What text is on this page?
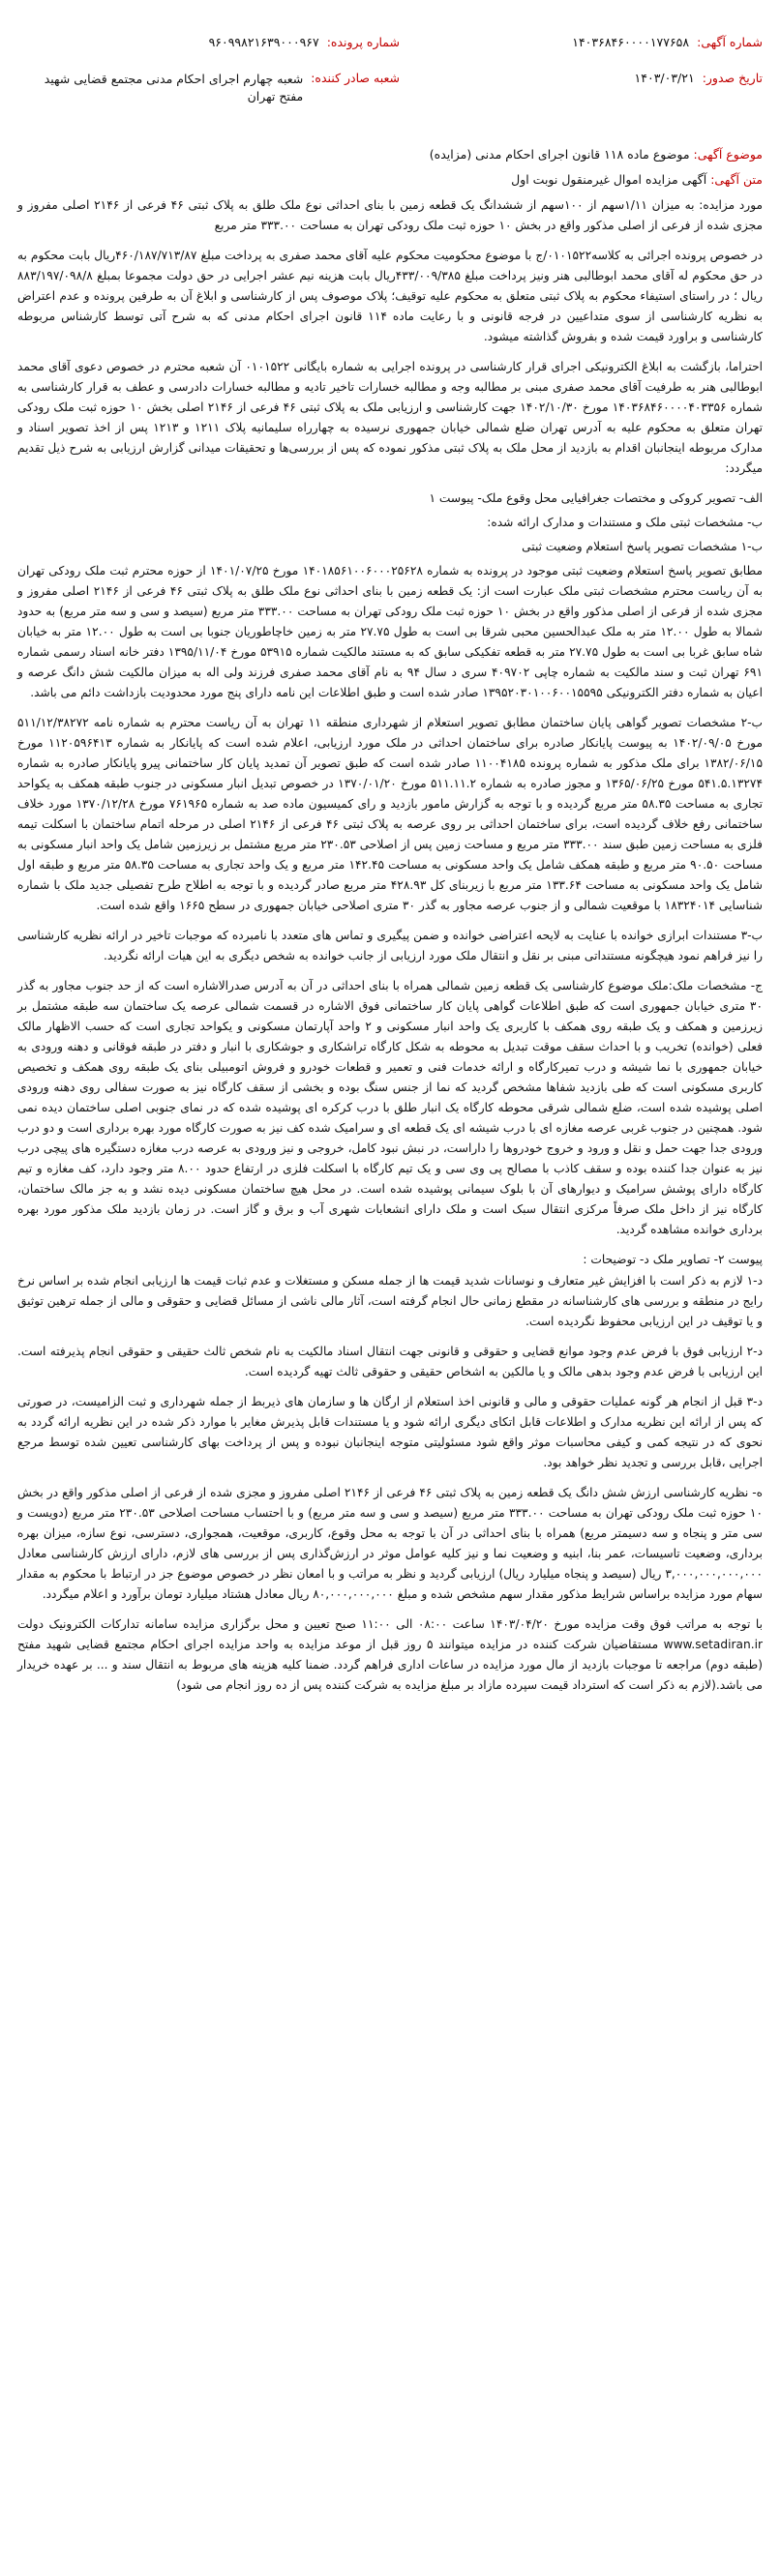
شماره آگهی:
۱۴۰۳۶۸۴۶۰۰۰۰۱۷۷۶۵۸
تاریخ صدور:
۱۴۰۳/۰۳/۲۱
شماره پرونده:
۹۶۰۹۹۸۲۱۶۳۹۰۰۰۹۶۷
شعبه صادر کننده:
شعبه چهارم اجرای احکام مدنی مجتمع قضایی شهید مفتح تهران
موضوع آگهی: موضوع ماده ۱۱۸ قانون اجرای احکام مدنی (مزایده)
متن آگهی: آگهی مزایده اموال غیرمنقول نوبت اول

مورد مزایده: به میزان ۱/۱۱سهم از ۱۰۰سهم از ششدانگ یک قطعه زمین با بنای احداثی نوع ملک طلق به پلاک ثبتی ۴۶ فرعی از ۲۱۴۶ اصلی مفروز و مجزی شده از فرعی از اصلی مذکور واقع در بخش ۱۰ حوزه ثبت ملک رودکی تهران به مساحت ۳۳۳.۰۰ متر مربع

در خصوص پرونده اجرائی به کلاسه۰۱۰۱۵۲۲/ج با موضوع محکومیت محکوم علیه آقای محمد صفری به پرداخت مبلغ ۴۶۰/۱۸۷/۷۱۳/۸۷ریال بابت محکوم به در حق محکوم له آقای محمد ابوطالبی هنر ونیز پرداخت مبلغ ۴۳۳/۰۰۹/۳۸۵ریال بابت هزینه نیم عشر اجرایی در حق دولت مجموعا بمبلغ ۸۸۳/۱۹۷/۰۹۸/۸ ریال ؛ در راستای استیفاء محکوم به پلاک ثبتی متعلق به محکوم علیه توقیف؛ پلاک موصوف پس از کارشناسی و ابلاغ آن به طرفین پرونده و عدم اعتراض به نظریه کارشناسی از سوی متداعیین در فرجه قانونی و با رعایت ماده ۱۱۴ قانون اجرای احکام مدنی که به شرح آتی توسط کارشناس مربوطه کارشناسی و براورد قیمت شده و بفروش گذاشته میشود.

احتراما، بازگشت به ابلاغ الکترونیکی اجرای قرار کارشناسی در پرونده اجرایی به شماره بایگانی ۰۱۰۱۵۲۲ آن شعبه محترم در خصوص دعوی آقای محمد ابوطالبی هنر به طرفیت آقای محمد صفری مبنی بر مطالبه وجه و مطالبه خسارات تاخیر تادیه و مطالبه خسارات دادرسی و عطف به قرار کارشناسی به شماره ۱۴۰۳۶۸۴۶۰۰۰۰۴۰۳۳۵۶ مورخ ۱۴۰۲/۱۰/۳۰ جهت کارشناسی و ارزیابی ملک به پلاک ثبتی ۴۶ فرعی از ۲۱۴۶ اصلی بخش ۱۰ حوزه ثبت ملک رودکی تهران متعلق به محکوم علیه به آدرس تهران ضلع شمالی خیابان جمهوری نرسیده به چهارراه سلیمانیه پلاک ۱۲۱۱ و ۱۲۱۳ پس از اخذ تصویر اسناد و مدارک مربوطه اینجانبان اقدام به بازدید از محل ملک به پلاک ثبتی مذکور نموده که پس از بررسی‌ها و تحقیقات میدانی گزارش ارزیابی به شرح ذیل تقدیم میگردد:

الف- تصویر کروکی و مختصات جغرافیایی محل وقوع ملک- پیوست ۱
ب- مشخصات ثبتی ملک و مستندات و مدارک ارائه شده:
ب-۱ مشخصات تصویر پاسخ استعلام وضعیت ثبتی

مطابق تصویر پاسخ استعلام وضعیت ثبتی موجود در پرونده به شماره ۱۴۰۱۸۵۶۱۰۰۶۰۰۰۲۵۶۲۸ مورخ ۱۴۰۱/۰۷/۲۵ از حوزه محترم ثبت ملک رودکی تهران به آن ریاست محترم مشخصات ثبتی ملک عبارت است از: یک قطعه زمین با بنای احداثی نوع ملک طلق به پلاک ثبتی ۴۶ فرعی از ۲۱۴۶ اصلی مفروز و مجزی شده از فرعی از اصلی مذکور واقع در بخش ۱۰ حوزه ثبت ملک رودکی تهران به مساحت ۳۳۳.۰۰ متر مربع (سیصد و سی و سه متر مربع) به حدود شمالا به طول ۱۲.۰۰ متر به ملک عبدالحسین محبی شرقا بی است به طول ۲۷.۷۵ متر به زمین خاچاطوریان جنوبا بی است به طول ۱۲.۰۰ متر به خیابان شاه سابق غربا بی است به طول ۲۷.۷۵ متر به قطعه تفکیکی سابق که به مستند مالکیت شماره ۵۳۹۱۵ مورخ ۱۳۹۵/۱۱/۰۴ دفتر خانه اسناد رسمی شماره ۶۹۱ تهران ثبت و سند مالکیت به شماره چاپی ۴۰۹۷۰۲ سری د سال ۹۴ به نام آقای محمد صفری فرزند ولی اله به میزان مالکیت شش دانگ عرصه و اعیان به شماره دفتر الکترونیکی ۱۳۹۵۲۰۳۰۱۰۰۶۰۰۱۵۵۹۵ صادر شده است و طبق اطلاعات این نامه دارای پنج مورد محدودیت بازداشت دائم می باشد.

ب-۲ مشخصات تصویر گواهی پایان ساختمان مطابق تصویر استعلام از شهرداری منطقه ۱۱ تهران به آن ریاست محترم به شماره نامه ۵۱۱/۱۲/۳۸۲۷۲ مورخ ۱۴۰۲/۰۹/۰۵ به پیوست پایانکار صادره برای ساختمان احداثی در ملک مورد ارزیابی، اعلام شده است که پایانکار به شماره ۱۱۲۰۵۹۶۴۱۳ مورخ ۱۳۸۲/۰۶/۱۵ برای ملک مذکور به شماره پرونده ۱۱۰۰۴۱۸۵ صادر شده است که طبق تصویر آن تمدید پایان کار ساختمانی پیرو پایانکار صادره به شماره ۵۴۱.۵.۱۳۲۷۴ مورخ ۱۳۶۵/۰۶/۲۵ و مجوز صادره به شماره ۵۱۱.۱۱.۲ مورخ ۱۳۷۰/۰۱/۲۰ در خصوص تبدیل انبار مسکونی در جنوب طبقه همکف به یکواحد تجاری به مساحت ۵۸.۳۵ متر مربع گردیده و با توجه به گزارش مامور بازدید و رای کمیسیون ماده صد به شماره ۷۶۱۹۶۵ مورخ ۱۳۷۰/۱۲/۲۸ مورد خلاف ساختمانی رفع خلاف گردیده است، برای ساختمان احداثی بر روی عرصه به پلاک ثبتی ۴۶ فرعی از ۲۱۴۶ اصلی در مرحله اتمام ساختمان با اسکلت تیمه فلزی به مساحت زمین طبق سند ۳۳۳.۰۰ متر مربع و مساحت زمین پس از اصلاحی ۲۳۰.۵۳ متر مربع مشتمل بر زیرزمین شامل یک واحد انبار مسکونی به مساحت ۹۰.۵۰ متر مربع و طبقه همکف شامل یک واحد مسکونی به مساحت ۱۴۲.۴۵ متر مربع و یک واحد تجاری به مساحت ۵۸.۳۵ متر مربع و طبقه اول شامل یک واحد مسکونی به مساحت ۱۳۳.۶۴ متر مربع با زیربنای کل ۴۲۸.۹۳ متر مربع صادر گردیده و با توجه به اطلاح طرح تفصیلی جدید ملک با شماره شناسایی ۱۸۳۲۴۰۱۴ با موقعیت شمالی و از جنوب عرصه مجاور به گذر ۳۰ متری اصلاحی خیابان جمهوری در سطح ۱۶۶۵ واقع شده است.

ب-۳ مستندات ابرازی خوانده با عنایت به لایحه اعتراضی خوانده و ضمن پیگیری و تماس های متعدد با نامبرده که موجبات تاخیر در ارائه نظریه کارشناسی را نیز فراهم نمود هیچگونه مستنداتی مبنی بر نقل و انتقال ملک مورد ارزیابی از جانب خوانده به شخص دیگری به این هیات ارائه نگردید.

ج- مشخصات ملک:ملک موضوع کارشناسی یک قطعه زمین شمالی همراه با بنای احداثی در آن به آدرس صدرالاشاره است که از حد جنوب مجاور به گذر ۳۰ متری خیابان جمهوری است که طبق اطلاعات گواهی پایان کار ساختمانی فوق الاشاره در قسمت شمالی عرصه یک ساختمان سه طبقه مشتمل بر زیرزمین و همکف و یک طبقه روی همکف با کاربری یک واحد انبار مسکونی و ۲ واحد آپارتمان مسکونی و یکواحد تجاری است که حسب الاظهار مالک فعلی (خوانده) تخریب و با احداث سقف موقت تبدیل به محوطه به شکل کارگاه تراشکاری و جوشکاری با انبار و دفتر در طبقه فوقانی و دهنه ورودی به خیابان جمهوری با نما شیشه و درب تمیرکارگاه و ارائه خدمات فنی و تعمیر و قطعات خودرو و فروش اتومبیلی بنای یک طبقه روی همکف و تخصیص کاربری مسکونی است که طی بازدید شفاها مشخص گردید که نما از جنس سنگ بوده و بخشی از سقف کارگاه نیز به صورت سفالی روی دهنه ورودی اصلی پوشیده شده است، ضلع شمالی شرقی محوطه کارگاه یک انبار طلق با درب کرکره ای پوشیده شده که در نمای جنوبی اصلی ساختمان دیده نمی شود. همچنین در جنوب غربی عرصه مغازه ای با درب شیشه ای یک قطعه ای و سرامیک شده کف نیز به صورت کارگاه مورد بهره برداری است و دو درب ورودی جدا جهت حمل و نقل و ورود و خروج خودروها را داراست، در نبش نبود کامل، خروجی و نیز ورودی به عرصه درب مغازه دستگیره های پیچی درب نیز به عنوان جدا کننده بوده و سقف کاذب با مصالح پی وی سی و یک تیم کارگاه با اسکلت فلزی در ارتفاع حدود ۸.۰۰ متر وجود دارد، کف مغازه و تیم کارگاه دارای پوشش سرامیک و دیوارهای آن با بلوک سیمانی پوشیده شده است. در محل هیچ ساختمان مسکونی دیده نشد و به جز مالک ساختمان، کارگاه نیز از داخل ملک صرفاً مرکزی انتقال سبک است و ملک دارای انشعابات شهری آب و برق و گاز است. در زمان بازدید ملک مذکور مورد بهره برداری خوانده مشاهده گردید.

پیوست ۲- تصاویر ملک د- توضیحات :

د-۱ لازم به ذکر است با افزایش غیر متعارف و نوسانات شدید قیمت ها از جمله مسکن و مستغلات و عدم ثبات قیمت ها ارزیابی انجام شده بر اساس نرخ رایج در منطقه و بررسی های کارشناسانه در مقطع زمانی حال انجام گرفته است، آثار مالی ناشی از مسائل قضایی و حقوقی و مالی از جمله ترهین توثیق و یا توقیف در این ارزیابی محفوظ نگردیده است.

د-۲ ارزیابی فوق با فرض عدم وجود موانع قضایی و حقوقی و قانونی جهت انتقال اسناد مالکیت به نام شخص ثالث حقیقی و حقوقی انجام پذیرفته است. این ارزیابی با فرض عدم وجود بدهی مالک و یا مالکین به اشخاص حقیقی و حقوقی ثالث تهیه گردیده است.

د-۳ قبل از انجام هر گونه عملیات حقوقی و مالی و قانونی اخذ استعلام از ارگان ها و سازمان های ذیربط از جمله شهرداری و ثبت الزامیست، در صورتی که پس از ارائه این نظریه مدارک و اطلاعات قابل اتکای دیگری ارائه شود و یا مستندات قابل پذیرش مغایر با موارد ذکر شده در این نظریه ارائه گردد به نحوی که در نتیجه کمی و کیفی محاسبات موثر واقع شود مسئولیتی متوجه اینجانبان نبوده و پس از پرداخت بهای کارشناسی تعیین شده توسط مرجع اجرایی ،قابل بررسی و تجدید نظر خواهد بود.

ه- نظریه کارشناسی ارزش شش دانگ یک قطعه زمین به پلاک ثبتی ۴۶ فرعی از ۲۱۴۶ اصلی مفروز و مجزی شده از فرعی از اصلی مذکور واقع در بخش ۱۰ حوزه ثبت ملک رودکی تهران به مساحت ۳۳۳.۰۰ متر مربع (سیصد و سی و سه متر مربع) و با احتساب مساحت اصلاحی ۲۳۰.۵۳ متر مربع (دویست و سی متر و پنجاه و سه دسیمتر مربع) همراه با بنای احداثی در آن با توجه به محل وقوع، کاربری، موقعیت، همجواری، دسترسی، نوع سازه، میزان بهره برداری، وضعیت تاسیسات، عمر بنا، ابنیه و وضعیت نما و نیز کلیه عوامل موثر در ارزش‌گذاری پس از بررسی های لازم، دارای ارزش کارشناسی معادل ۳,۰۰۰,۰۰۰,۰۰۰,۰۰۰ ریال (سیصد و پنجاه میلیارد ریال) ارزیابی گردید و نظر به مراتب و با امعان نظر در خصوص موضوع جز در ارتباط با محکوم به مقدار سهام مورد مزایده براساس شرایط مذکور مقدار سهم مشخص شده و مبلغ ۸۰,۰۰۰,۰۰۰,۰۰۰ ریال معادل هشتاد میلیارد تومان برآورد و اعلام میگردد.

با توجه به مراتب فوق وقت مزایده مورخ ۱۴۰۳/۰۴/۲۰ ساعت ۰۸:۰۰ الی ۱۱:۰۰ صبح تعیین و محل برگزاری مزایده سامانه تدارکات الکترونیک دولت www.setadiran.ir مستقاضیان شرکت کننده در مزایده میتوانند ۵ روز قبل از موعد مزایده به واحد مزایده اجرای احکام مجتمع قضایی شهید مفتح (طبقه دوم) مراجعه تا موجبات بازدید از مال مورد مزایده در ساعات اداری فراهم گردد. ضمنا کلیه هزینه های مربوط به انتقال سند و ... بر عهده خریدار می باشد.(لازم به ذکر است که استرداد قیمت سپرده مازاد بر مبلغ مزایده به شرکت کننده پس از ده روز انجام می شود)
